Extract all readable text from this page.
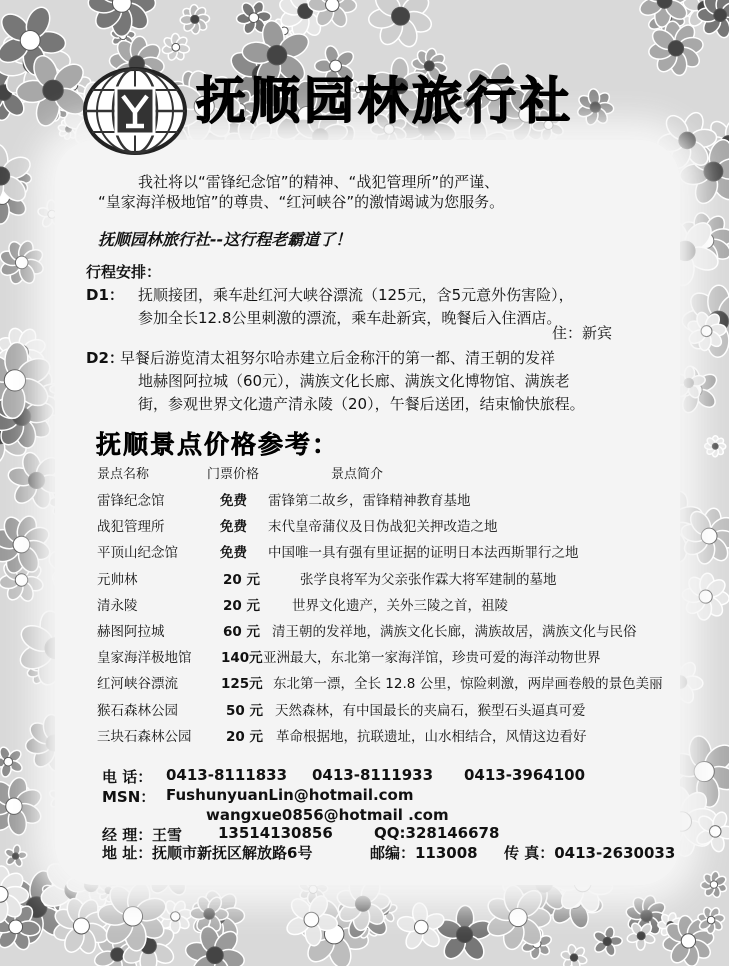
抚顺园林旅行社
我社将以“雷锋纪念馆”的精神、“战犯管理所”的严谨、
“皇家海洋极地馆”的尊贵、“红河峡谷”的激情竭诚为您服务。
抚顺园林旅行社--这行程老霸道了！
行程安排：
D1： 抚顺接团，乘车赴红河大峡谷漂流（125元，含5元意外伤害险），
参加全长12.8公里刺激的漂流，乘车赴新宾，晚餐后入住酒店。
住：新宾
D2：
早餐后游览清太祖努尔哈赤建立后金称汗的第一都、清王朝的发祥
地赫图阿拉城（60元），满族文化长廊、满族文化博物馆、满族老
街，参观世界文化遗产清永陵（20），午餐后送团，结束愉快旅程。
抚顺景点价格参考：
景点名称	门票价格	景点简介
雷锋纪念馆	免费 雷锋第二故乡，雷锋精神教育基地
战犯管理所	免费 末代皇帝蒲仪及日伪战犯关押改造之地
平顶山纪念馆	免费 中国唯一具有强有里证据的证明日本法西斯罪行之地
元帅林	20 元	张学良将军为父亲张作霖大将军建制的墓地
清永陵	20 元 世界文化遗产，关外三陵之首，祖陵
赫图阿拉城	60 元 清王朝的发祥地，满族文化长廊，满族故居，满族文化与民俗
皇家海洋极地馆 140元 亚洲最大，东北第一家海洋馆，珍贵可爱的海洋动物世界
红河峡谷漂流	125元 东北第一漂，全长 12.8 公里，惊险刺激，两岸画卷般的景色美丽
猴石森林公园	50 元 天然森林，有中国最长的夹扁石，猴型石头逼真可爱
三块石森林公园	20 元 革命根据地，抗联遗址，山水相结合，风情这边看好
电 话： 0413-8111833 0413-8111933 0413-3964100
MSN： FushunyuanLin@hotmail.com
wangxue0856@hotmail .com
经 理： 王雪 13514130856	QQ:328146678
地 址： 抚顺市新抚区解放路6号	邮编：113008 传 真：0413-2630033
